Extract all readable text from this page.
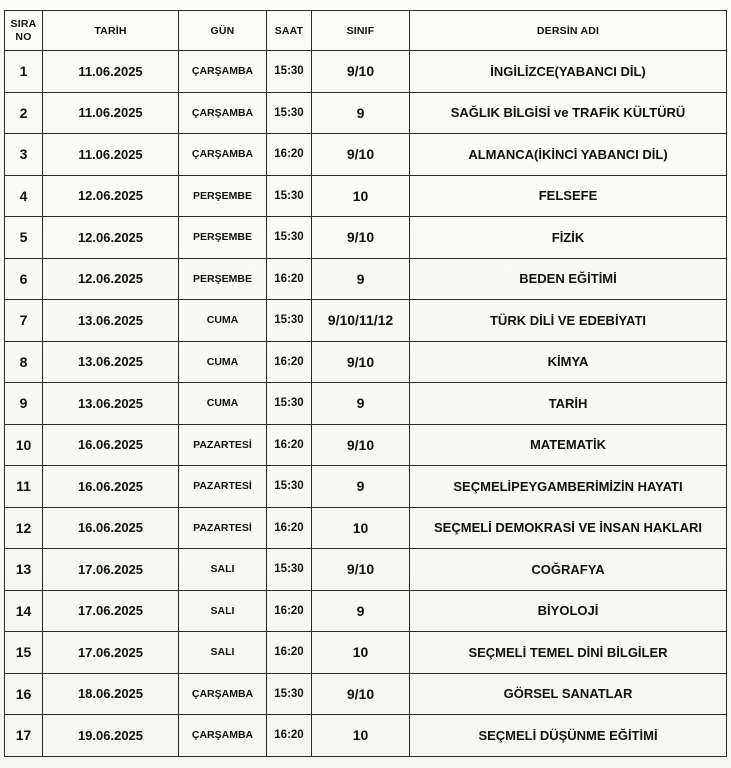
SIRA
NO	TARİH	GÜN	SAAT	SINIF	DERSİN ADI
1	11.06.2025	ÇARŞAMBA	15:30	9/10	İNGİLİZCE(YABANCI DİL)
2	11.06.2025	ÇARŞAMBA	15:30	9	SAĞLIK BİLGİSİ ve TRAFİK KÜLTÜRÜ
3	11.06.2025	ÇARŞAMBA	16:20	9/10	ALMANCA(İKİNCİ YABANCI DİL)
4	12.06.2025	PERŞEMBE	15:30	10	FELSEFE
5	12.06.2025	PERŞEMBE	15:30	9/10	FİZİK
6	12.06.2025	PERŞEMBE	16:20	9	BEDEN EĞİTİMİ
7	13.06.2025	CUMA	15:30	9/10/11/12	TÜRK DİLİ VE EDEBİYATI
8	13.06.2025	CUMA	16:20	9/10	KİMYA
9	13.06.2025	CUMA	15:30	9	TARİH
10	16.06.2025	PAZARTESİ	16:20	9/10	MATEMATİK
11	16.06.2025	PAZARTESİ	15:30	9	SEÇMELİPEYGAMBERİMİZİN HAYATI
12	16.06.2025	PAZARTESİ	16:20	10	SEÇMELİ DEMOKRASİ VE İNSAN HAKLARI
13	17.06.2025	SALI	15:30	9/10	COĞRAFYA
14	17.06.2025	SALI	16:20	9	BİYOLOJİ
15	17.06.2025	SALI	16:20	10	SEÇMELİ TEMEL DİNİ BİLGİLER
16	18.06.2025	ÇARŞAMBA	15:30	9/10	GÖRSEL SANATLAR
17	19.06.2025	ÇARŞAMBA	16:20	10	SEÇMELİ DÜŞÜNME EĞİTİMİ
